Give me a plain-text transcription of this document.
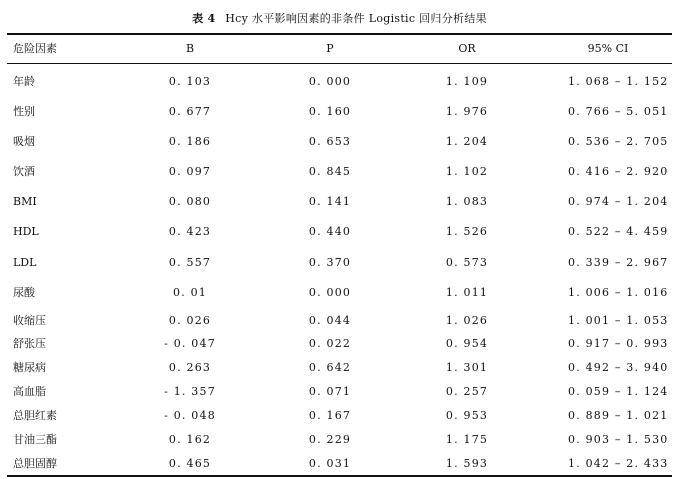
表 4 Hcy 水平影响因素的非条件 Logistic 回归分析结果
危险因素	B	P	OR	95% CI
年龄	0. 103	0. 000	1. 109	1. 068 – 1. 152
性别	0. 677	0. 160	1. 976	0. 766 – 5. 051
吸烟	0. 186	0. 653	1. 204	0. 536 – 2. 705
饮酒	0. 097	0. 845	1. 102	0. 416 – 2. 920
BMI	0. 080	0. 141	1. 083	0. 974 – 1. 204
HDL	0. 423	0. 440	1. 526	0. 522 – 4. 459
LDL	0. 557	0. 370	0. 573	0. 339 – 2. 967
尿酸	0. 01	0. 000	1. 011	1. 006 – 1. 016
收缩压	0. 026	0. 044	1. 026	1. 001 – 1. 053
舒张压	- 0. 047	0. 022	0. 954	0. 917 – 0. 993
糖尿病	0. 263	0. 642	1. 301	0. 492 – 3. 940
高血脂	- 1. 357	0. 071	0. 257	0. 059 – 1. 124
总胆红素	- 0. 048	0. 167	0. 953	0. 889 – 1. 021
甘油三酯	0. 162	0. 229	1. 175	0. 903 – 1. 530
总胆固醇	0. 465	0. 031	1. 593	1. 042 – 2. 433
